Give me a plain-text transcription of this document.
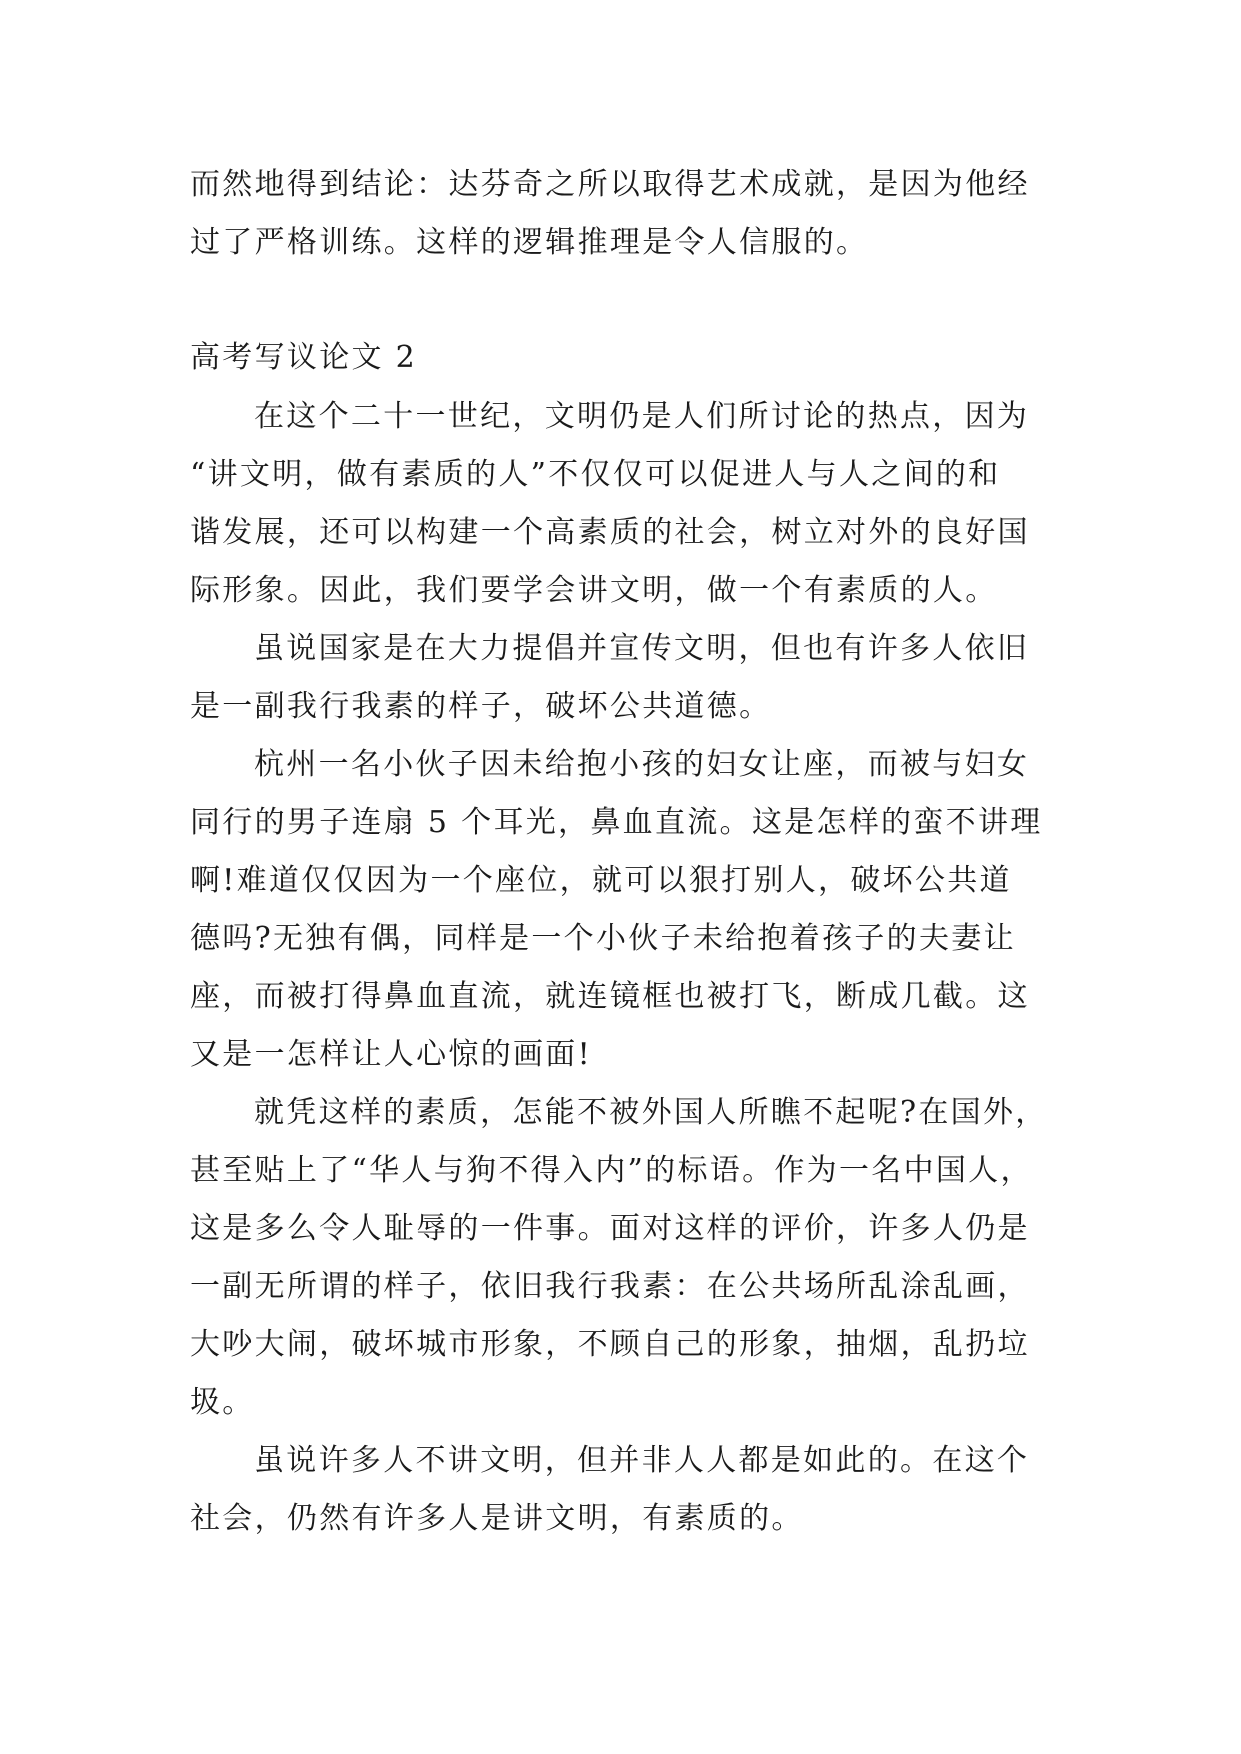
而然地得到结论：达芬奇之所以取得艺术成就，是因为他经
过了严格训练。这样的逻辑推理是令人信服的。
高考写议论文 2
在这个二十一世纪，文明仍是人们所讨论的热点，因为
“讲文明，做有素质的人”不仅仅可以促进人与人之间的和
谐发展，还可以构建一个高素质的社会，树立对外的良好国
际形象。因此，我们要学会讲文明，做一个有素质的人。
虽说国家是在大力提倡并宣传文明，但也有许多人依旧
是一副我行我素的样子，破坏公共道德。
杭州一名小伙子因未给抱小孩的妇女让座，而被与妇女
同行的男子连扇 5 个耳光，鼻血直流。这是怎样的蛮不讲理
啊!难道仅仅因为一个座位，就可以狠打别人，破坏公共道
德吗?无独有偶，同样是一个小伙子未给抱着孩子的夫妻让
座，而被打得鼻血直流，就连镜框也被打飞，断成几截。这
又是一怎样让人心惊的画面!
就凭这样的素质，怎能不被外国人所瞧不起呢?在国外，
甚至贴上了“华人与狗不得入内”的标语。作为一名中国人，
这是多么令人耻辱的一件事。面对这样的评价，许多人仍是
一副无所谓的样子，依旧我行我素：在公共场所乱涂乱画，
大吵大闹，破坏城市形象，不顾自己的形象，抽烟，乱扔垃
圾。
虽说许多人不讲文明，但并非人人都是如此的。在这个
社会，仍然有许多人是讲文明，有素质的。
